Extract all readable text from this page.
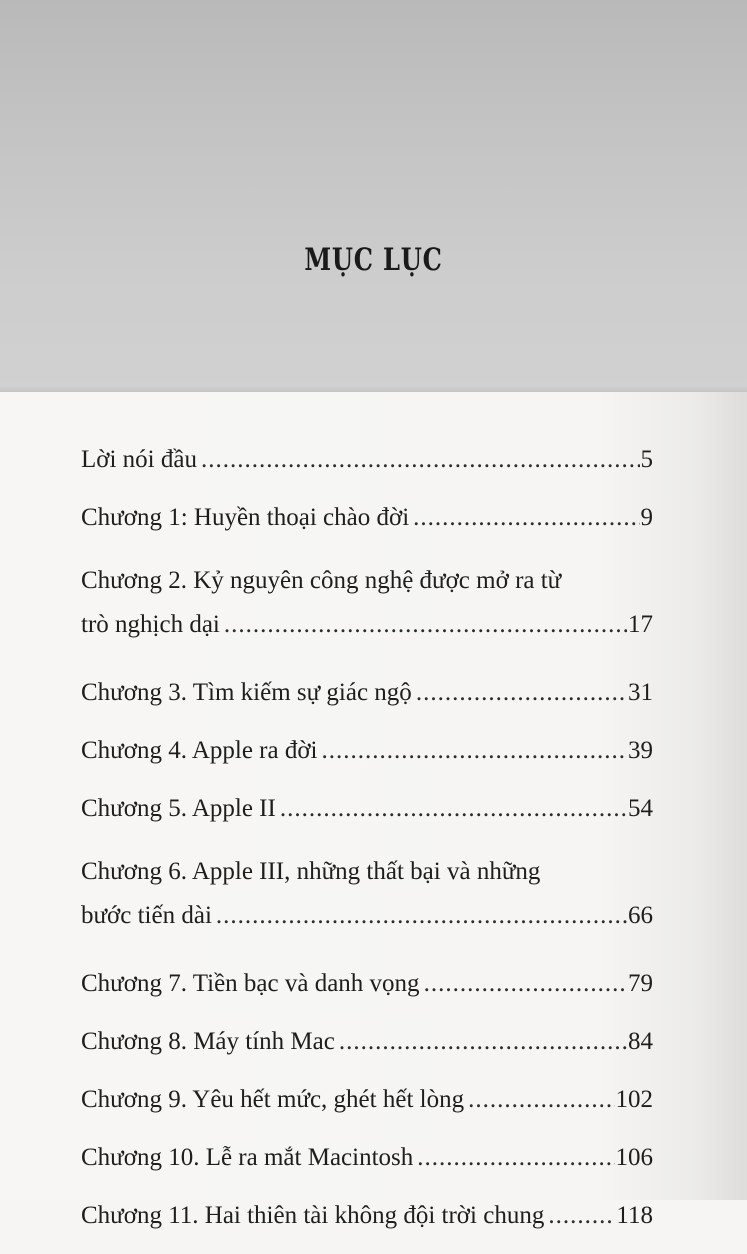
MỤC LỤC
Lời nói đầu .....	5
Chương 1: Huyền thoại chào đời .....	9
Chương 2. Kỷ nguyên công nghệ được mở ra từ
trò nghịch dại .....	17
Chương 3. Tìm kiếm sự giác ngộ .....	31
Chương 4. Apple ra đời .....	39
Chương 5. Apple II .....	54
Chương 6. Apple III, những thất bại và những
bước tiến dài .....	66
Chương 7. Tiền bạc và danh vọng .....	79
Chương 8. Máy tính Mac .....	84
Chương 9. Yêu hết mức, ghét hết lòng .....	102
Chương 10. Lễ ra mắt Macintosh .....	106
Chương 11. Hai thiên tài không đội trời chung .....	118
